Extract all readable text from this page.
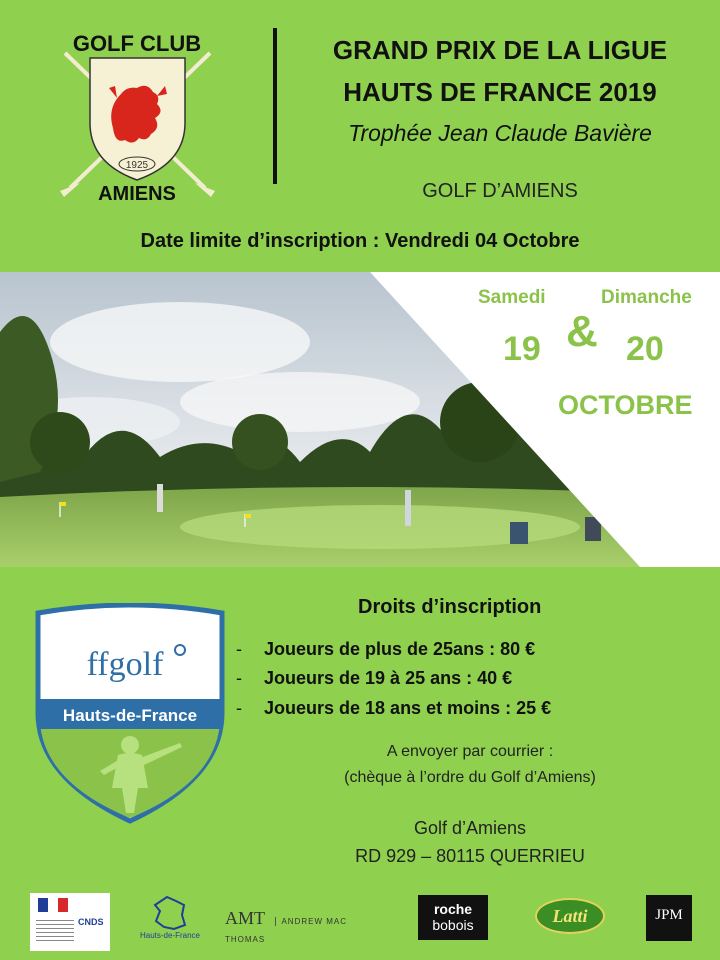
1925
GOLF CLUB
AMIENS
GRAND PRIX DE LA LIGUE
HAUTS DE FRANCE 2019
Trophée Jean Claude Bavière
GOLF D’AMIENS
Date limite d’inscription : Vendredi 04 Octobre
Samedi	Dimanche
&
19	20
OCTOBRE
ffgolf
Hauts-de-France
Droits d’inscription
- Joueurs de plus de 25ans : 80 €
- Joueurs de 19 à 25 ans : 40 €
- Joueurs de 18 ans et moins : 25 €
A envoyer par courrier :
(chèque à l’ordre du Golf d’Amiens)
Golf d’Amiens
RD 929 – 80115 QUERRIEU
CNDS
Hauts-de-France
AMT ANDREW MAC THOMAS
roche
bobois	Latti	JPM
